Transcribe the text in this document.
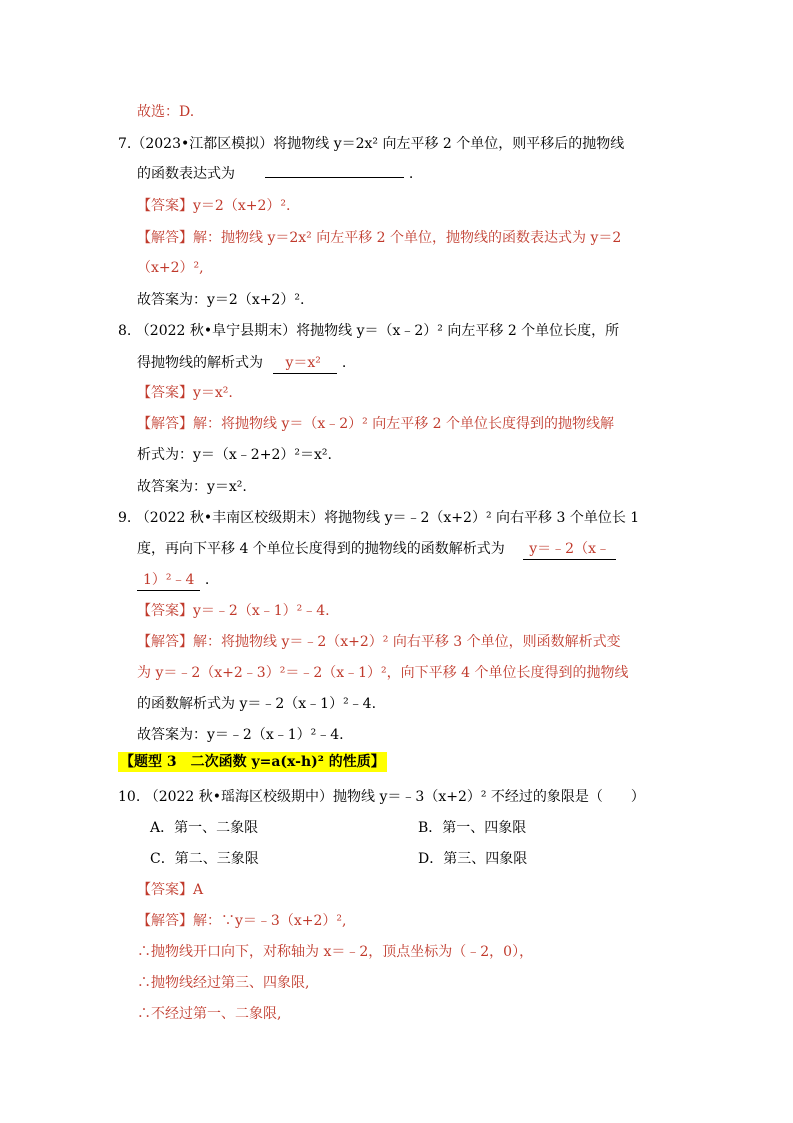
故选：D.
7.（2023•江都区模拟）将抛物线 y＝2x² 向左平移 2 个单位，则平移后的抛物线
的函数表达式为	.
【答案】y＝2（x+2）².
【解答】解：抛物线 y＝2x² 向左平移 2 个单位，抛物线的函数表达式为 y＝2
（x+2）²,
故答案为：y＝2（x+2）².
8. （2022 秋•阜宁县期末）将抛物线 y＝（x﹣2）² 向左平移 2 个单位长度，所
得抛物线的解析式为 y＝x² .
【答案】y＝x².
【解答】解：将抛物线 y＝（x﹣2）² 向左平移 2 个单位长度得到的抛物线解
析式为：y＝（x﹣2+2）²＝x².
故答案为：y＝x².
9. （2022 秋•丰南区校级期末）将抛物线 y＝﹣2（x+2）² 向右平移 3 个单位长 1
度，再向下平移 4 个单位长度得到的抛物线的函数解析式为 y＝﹣2（x﹣
1）²﹣4 .
【答案】y＝﹣2（x﹣1）²﹣4.
【解答】解：将抛物线 y＝﹣2（x+2）² 向右平移 3 个单位，则函数解析式变
为 y＝﹣2（x+2﹣3）²＝﹣2（x﹣1）²，向下平移 4 个单位长度得到的抛物线
的函数解析式为 y＝﹣2（x﹣1）²﹣4.
故答案为：y＝﹣2（x﹣1）²﹣4.
【题型 3　二次函数 y=a(x-h)² 的性质】
10. （2022 秋•瑶海区校级期中）抛物线 y＝﹣3（x+2）² 不经过的象限是（　　）
A．第一、二象限	B．第一、四象限
C．第二、三象限	D．第三、四象限
【答案】A
【解答】解：∵y＝﹣3（x+2）²,
∴抛物线开口向下，对称轴为 x＝﹣2，顶点坐标为（﹣2，0），
∴抛物线经过第三、四象限,
∴不经过第一、二象限,
